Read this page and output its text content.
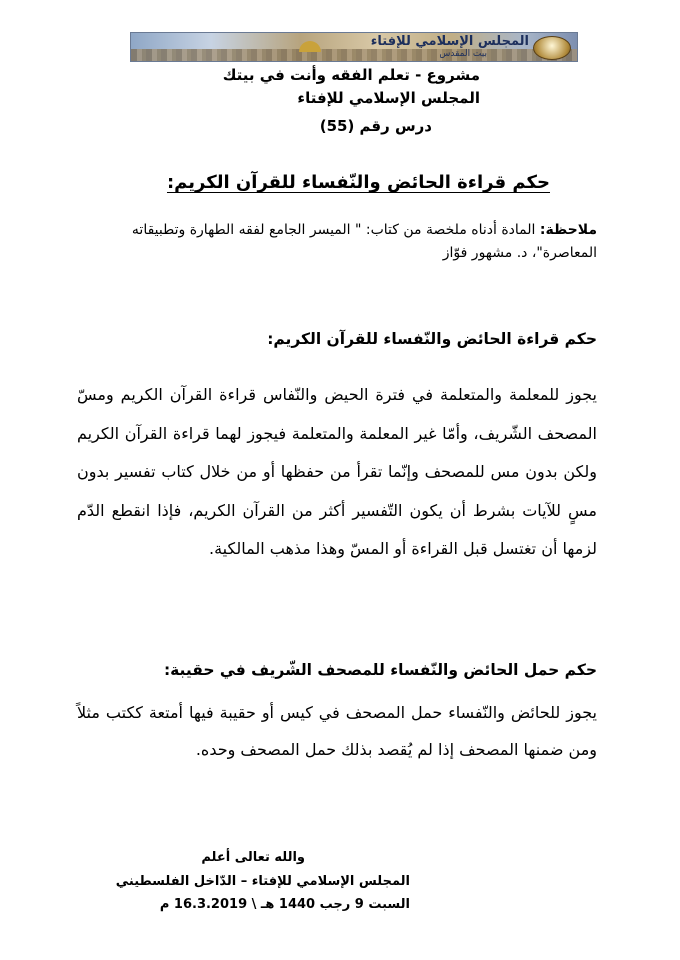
المجلس الإسلامي للإفتاء
بيت المقدس
مشروع - تعلم الفقه وأنت في بيتك
المجلس الإسلامي للإفتاء
درس رقم (55)
حكم قراءة الحائض والنّفساء للقرآن الكريم:
ملاحظة: المادة أدناه ملخصة من كتاب: " الميسر الجامع لفقه الطهارة وتطبيقاته المعاصرة"، د. مشهور فوّاز
حكم قراءة الحائض والنّفساء للقرآن الكريم:
يجوز للمعلمة والمتعلمة في فترة الحيض والنّفاس قراءة القرآن الكريم ومسّ المصحف الشّريف، وأمّا غير المعلمة والمتعلمة فيجوز لهما قراءة القرآن الكريم ولكن بدون مس للمصحف وإنّما تقرأ من حفظها أو من خلال كتاب تفسير بدون مسٍ للآيات بشرط أن يكون التّفسير أكثر من القرآن الكريم، فإذا انقطع الدّم لزمها أن تغتسل قبل القراءة أو المسّ وهذا مذهب المالكية.
حكم حمل الحائض والنّفساء للمصحف الشّريف في حقيبة:
يجوز للحائض والنّفساء حمل المصحف في كيس أو حقيبة فيها أمتعة ككتب مثلاً ومن ضمنها المصحف إذا لم يُقصد بذلك حمل المصحف وحده.
والله تعالى أعلم
المجلس الإسلامي للإفتاء – الدّاخل الفلسطيني
السبت 9 رجب 1440 هـ \ 16.3.2019 م
